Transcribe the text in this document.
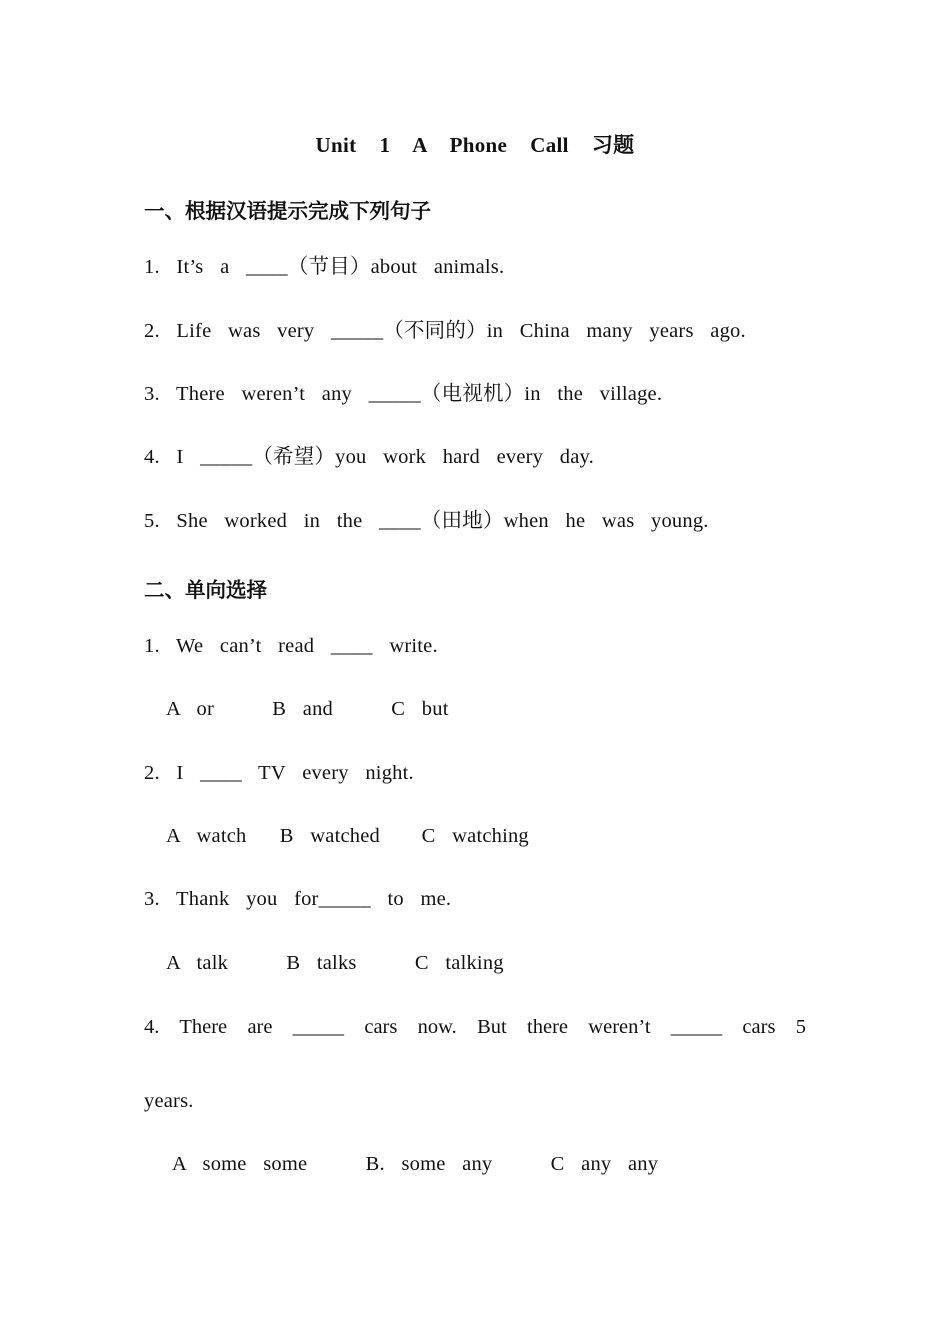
Unit  1  A  Phone  Call  习题
一、根据汉语提示完成下列句子
1.  It’s  a  ____（节目）about  animals.
2.  Life  was  very  _____（不同的）in  China  many  years  ago.
3.  There  weren’t  any  _____（电视机）in  the  village.
4.  I  _____（希望）you  work  hard  every  day.
5.  She  worked  in  the  ____（田地）when  he  was  young.
二、单向选择
1.  We  can’t  read  ____  write.
A  or       B  and       C  but
2.  I  ____  TV  every  night.
A  watch    B  watched     C  watching
3.  Thank  you  for_____  to  me.
A  talk       B  talks       C  talking
4. There are _____ cars now. But there weren’t _____ cars 5
years.
A  some  some       B.  some  any       C  any  any
